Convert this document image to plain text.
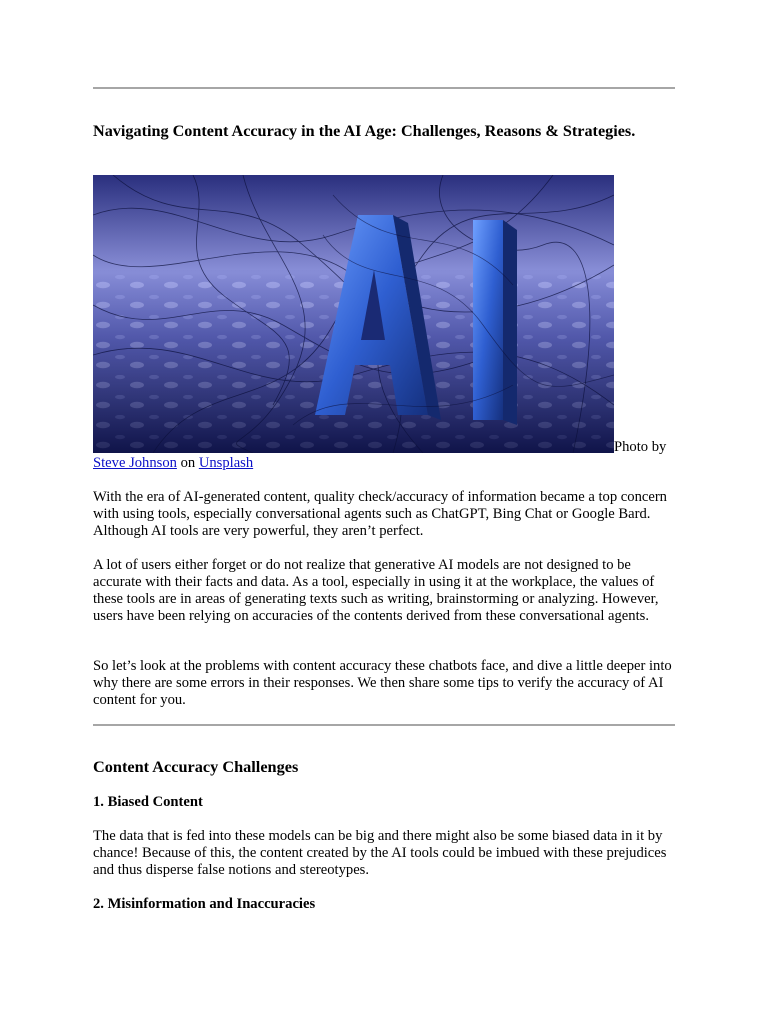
Navigating Content Accuracy in the AI Age: Challenges, Reasons & Strategies.
Photo by
Steve Johnson on Unsplash

With the era of AI-generated content, quality check/accuracy of information became a top concern with using tools, especially conversational agents such as ChatGPT, Bing Chat or Google Bard. Although AI tools are very powerful, they aren’t perfect.

A lot of users either forget or do not realize that generative AI models are not designed to be accurate with their facts and data. As a tool, especially in using it at the workplace, the values of these tools are in areas of generating texts such as writing, brainstorming or analyzing. However, users have been relying on accuracies of the contents derived from these conversational agents.

So let’s look at the problems with content accuracy these chatbots face, and dive a little deeper into why there are some errors in their responses. We then share some tips to verify the accuracy of AI content for you.

Content Accuracy Challenges
1. Biased Content

The data that is fed into these models can be big and there might also be some biased data in it by chance! Because of this, the content created by the AI tools could be imbued with these prejudices and thus disperse false notions and stereotypes.

2. Misinformation and Inaccuracies
